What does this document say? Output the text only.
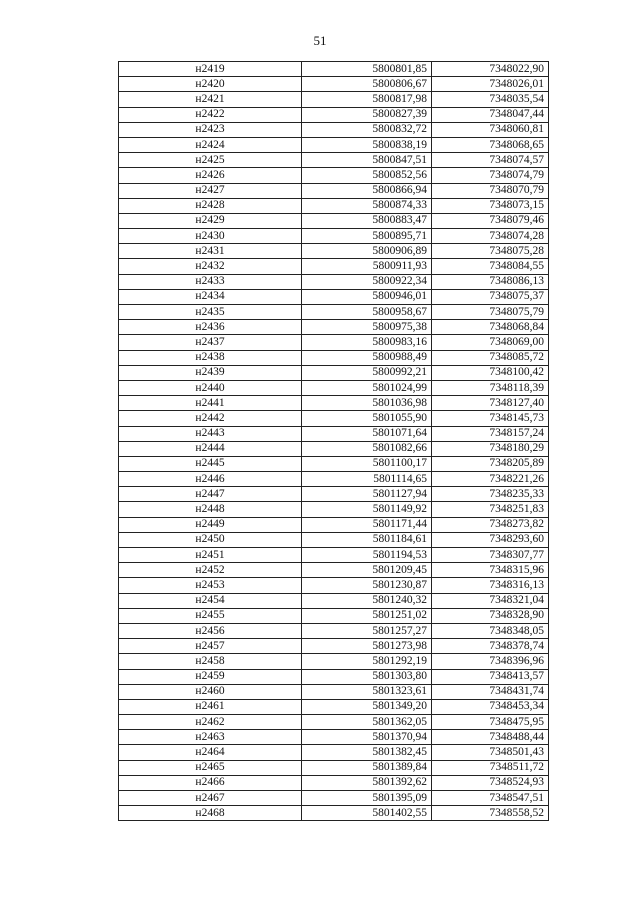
51
н2419	5800801,85	7348022,90
н2420	5800806,67	7348026,01
н2421	5800817,98	7348035,54
н2422	5800827,39	7348047,44
н2423	5800832,72	7348060,81
н2424	5800838,19	7348068,65
н2425	5800847,51	7348074,57
н2426	5800852,56	7348074,79
н2427	5800866,94	7348070,79
н2428	5800874,33	7348073,15
н2429	5800883,47	7348079,46
н2430	5800895,71	7348074,28
н2431	5800906,89	7348075,28
н2432	5800911,93	7348084,55
н2433	5800922,34	7348086,13
н2434	5800946,01	7348075,37
н2435	5800958,67	7348075,79
н2436	5800975,38	7348068,84
н2437	5800983,16	7348069,00
н2438	5800988,49	7348085,72
н2439	5800992,21	7348100,42
н2440	5801024,99	7348118,39
н2441	5801036,98	7348127,40
н2442	5801055,90	7348145,73
н2443	5801071,64	7348157,24
н2444	5801082,66	7348180,29
н2445	5801100,17	7348205,89
н2446	5801114,65	7348221,26
н2447	5801127,94	7348235,33
н2448	5801149,92	7348251,83
н2449	5801171,44	7348273,82
н2450	5801184,61	7348293,60
н2451	5801194,53	7348307,77
н2452	5801209,45	7348315,96
н2453	5801230,87	7348316,13
н2454	5801240,32	7348321,04
н2455	5801251,02	7348328,90
н2456	5801257,27	7348348,05
н2457	5801273,98	7348378,74
н2458	5801292,19	7348396,96
н2459	5801303,80	7348413,57
н2460	5801323,61	7348431,74
н2461	5801349,20	7348453,34
н2462	5801362,05	7348475,95
н2463	5801370,94	7348488,44
н2464	5801382,45	7348501,43
н2465	5801389,84	7348511,72
н2466	5801392,62	7348524,93
н2467	5801395,09	7348547,51
н2468	5801402,55	7348558,52
